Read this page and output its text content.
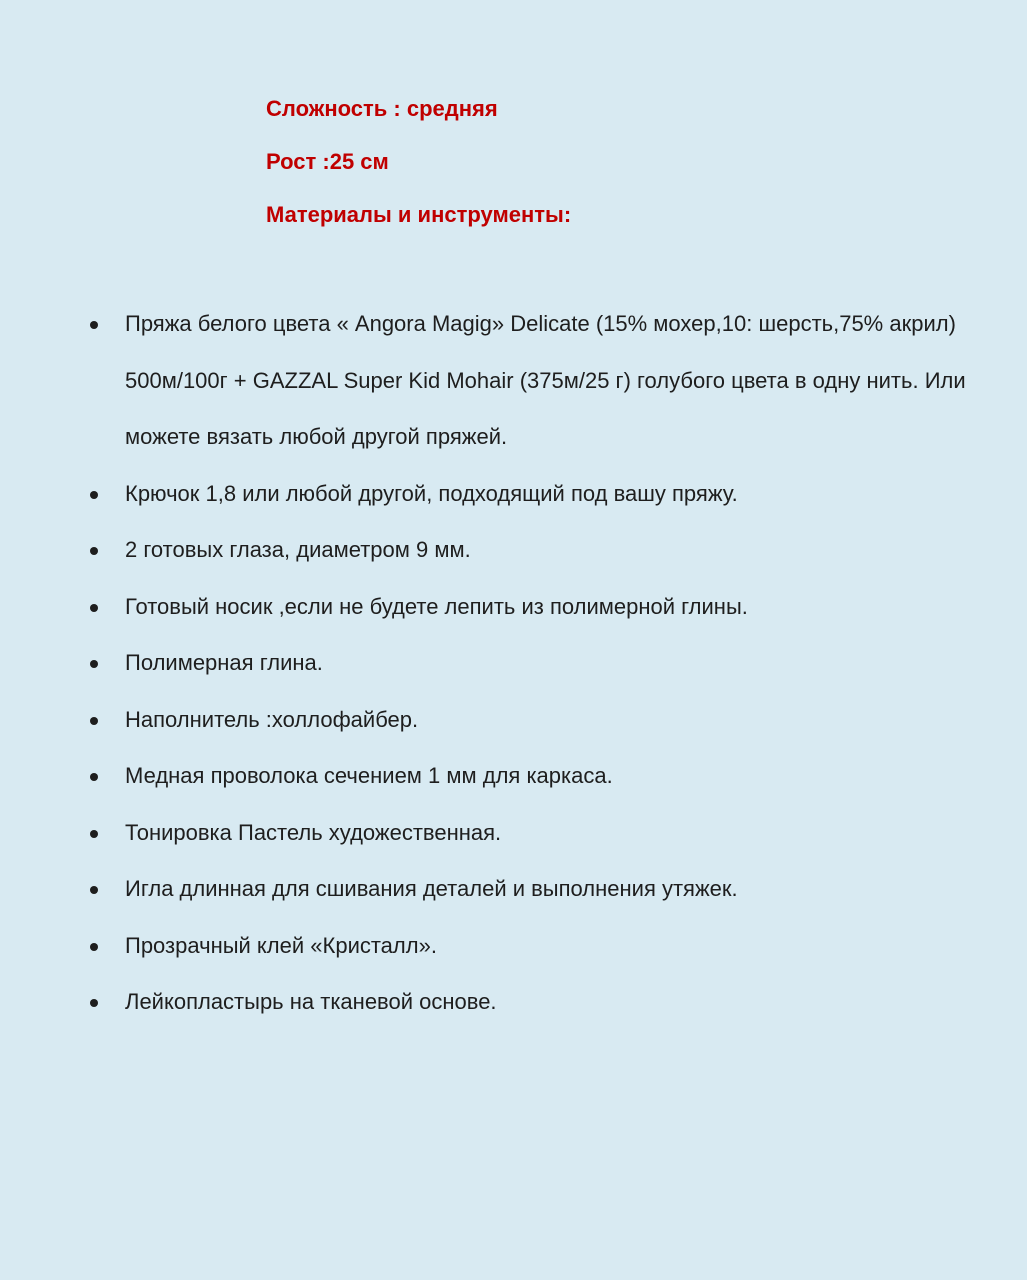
Сложность : средняя
Рост :25 см
Материалы и инструменты:
Пряжа белого цвета « Angora Magig» Delicate (15% мохер,10: шерсть,75% акрил) 500м/100г + GAZZAL Super Kid Mohair (375м/25 г) голубого цвета в одну нить. Или можете вязать любой другой пряжей.
Крючок 1,8 или любой другой, подходящий под вашу пряжу.
2 готовых глаза, диаметром 9 мм.
Готовый носик ,если не будете лепить из полимерной глины.
Полимерная глина.
Наполнитель :холлофайбер.
Медная проволока сечением 1 мм для каркаса.
Тонировка Пастель художественная.
Игла длинная для сшивания деталей и выполнения утяжек.
Прозрачный клей «Кристалл».
Лейкопластырь на тканевой основе.
